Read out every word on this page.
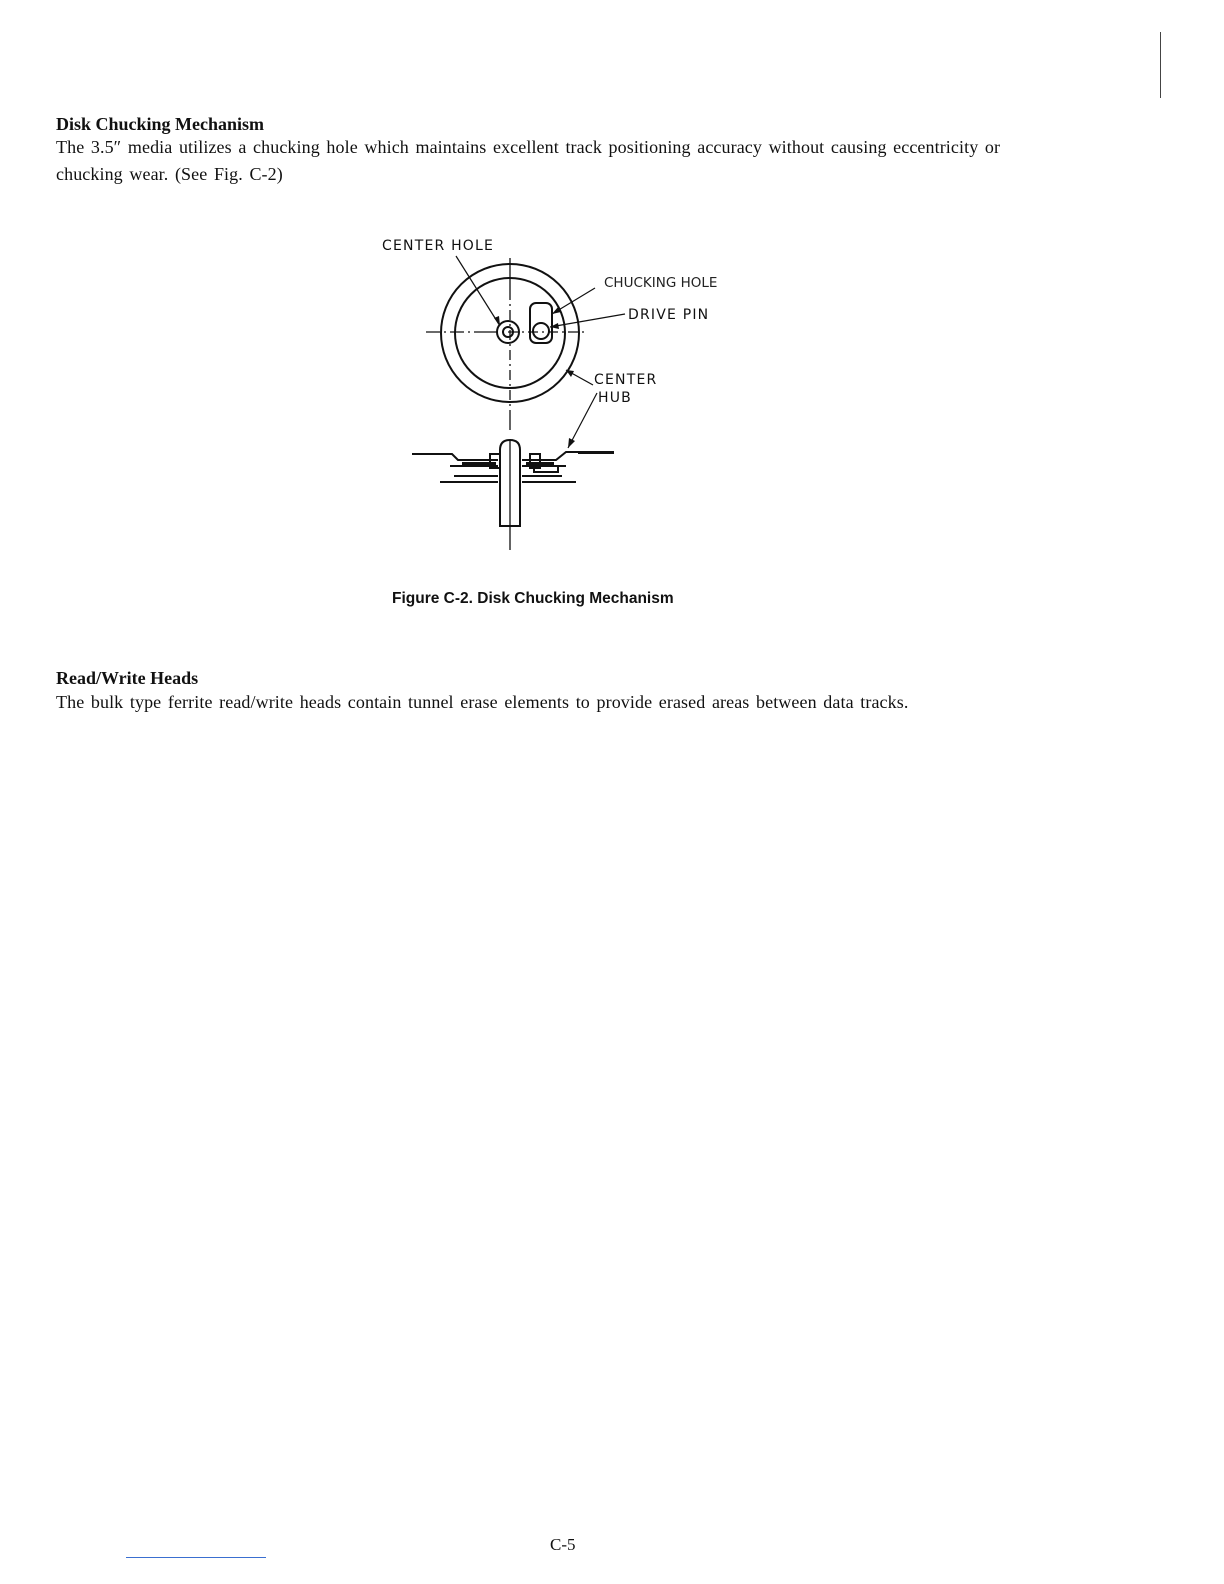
Disk Chucking Mechanism

The 3.5″ media utilizes a chucking hole which maintains excellent track positioning accuracy without causing eccentricity or chucking wear. (See Fig. C-2)

CENTER HOLE
CHUCKING HOLE
DRIVE PIN
CENTER
HUB

Figure C-2. Disk Chucking Mechanism

Read/Write Heads

The bulk type ferrite read/write heads contain tunnel erase elements to provide erased areas between data tracks.

C-5
